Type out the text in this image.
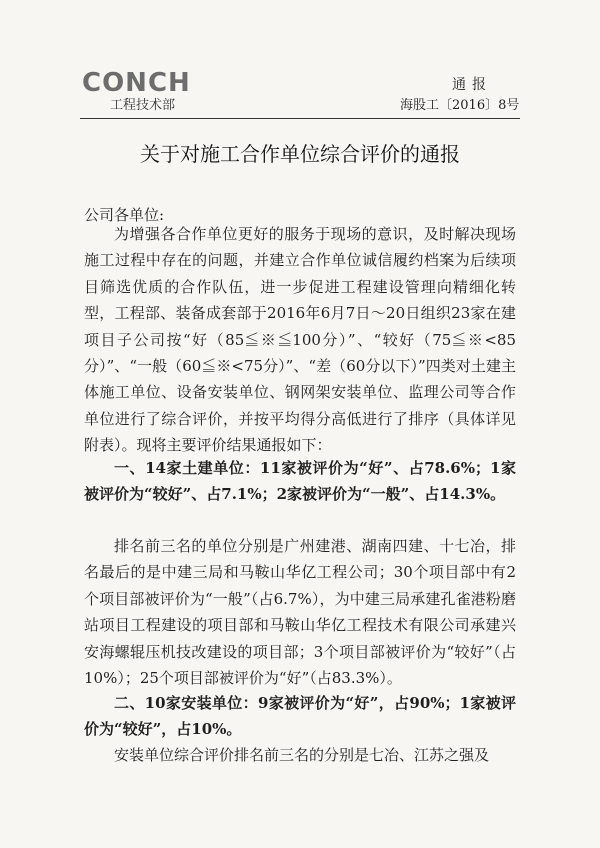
CONCH
工程技术部
通报
海股工〔2016〕8号
关于对施工合作单位综合评价的通报
公司各单位:

为增强各合作单位更好的服务于现场的意识，及时解决现场施工过程中存在的问题，并建立合作单位诚信履约档案为后续项目筛选优质的合作队伍，进一步促进工程建设管理向精细化转型，工程部、装备成套部于2016年6月7日～20日组织23家在建项目子公司按“好（85≦※≦100分）”、“较好（75≦※<85分）”、“一般（60≦※<75分）”、“差（60分以下）”四类对土建主体施工单位、设备安装单位、钢网架安装单位、监理公司等合作单位进行了综合评价，并按平均得分高低进行了排序（具体详见附表）。现将主要评价结果通报如下：

一、14家土建单位：11家被评价为“好”、占78.6%；1家被评价为“较好”、占7.1%；2家被评价为“一般”、占14.3%。

排名前三名的单位分别是广州建港、湖南四建、十七冶，排名最后的是中建三局和马鞍山华亿工程公司；30个项目部中有2个项目部被评价为“一般”（占6.7%），为中建三局承建孔雀港粉磨站项目工程建设的项目部和马鞍山华亿工程技术有限公司承建兴安海螺辊压机技改建设的项目部；3个项目部被评价为“较好”（占10%）；25个项目部被评价为“好”（占83.3%）。

二、10家安装单位：9家被评价为“好”，占90%；1家被评价为“较好”，占10%。

安装单位综合评价排名前三名的分别是七冶、江苏之强及
